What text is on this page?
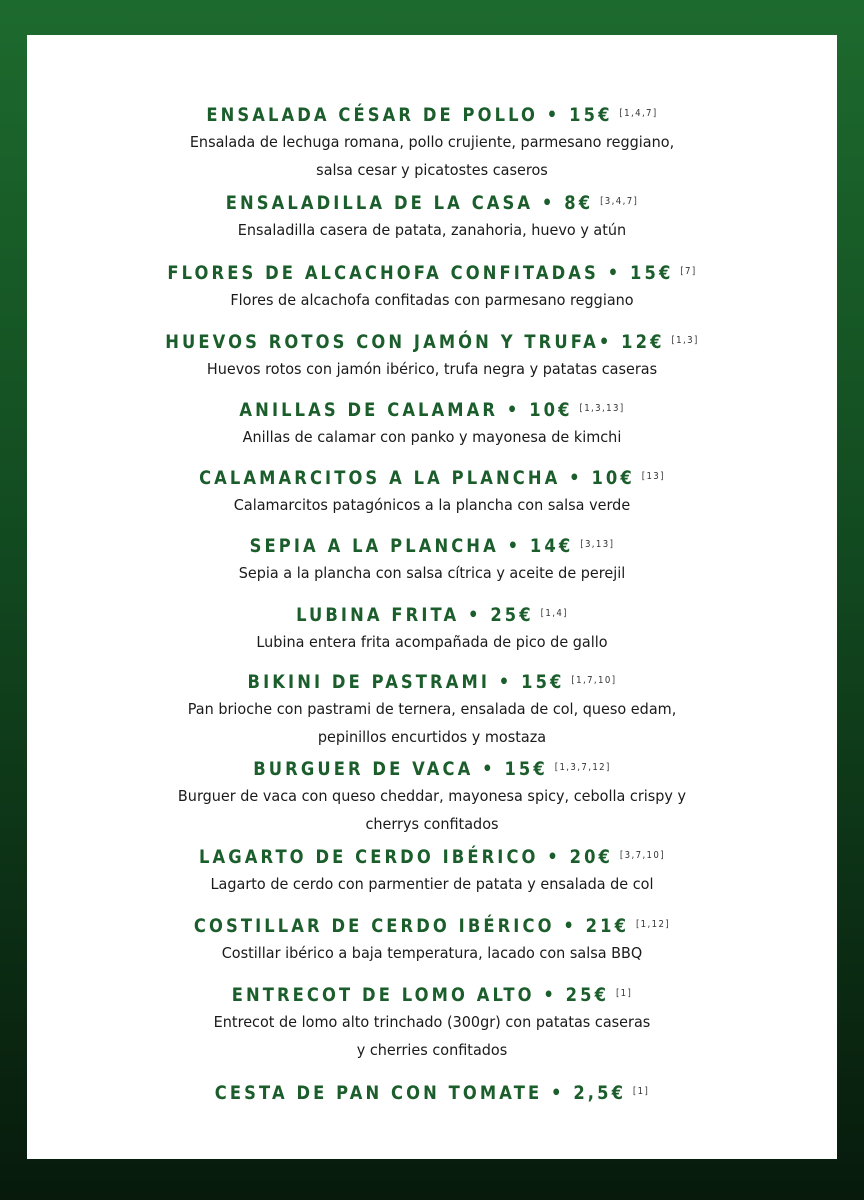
ENSALADA CÉSAR DE POLLO • 15€ [1,4,7]
Ensalada de lechuga romana, pollo crujiente, parmesano reggiano,
salsa cesar y picatostes caseros
ENSALADILLA DE LA CASA • 8€ [3,4,7]
Ensaladilla casera de patata, zanahoria, huevo y atún
FLORES DE ALCACHOFA CONFITADAS • 15€ [7]
Flores de alcachofa confitadas con parmesano reggiano
HUEVOS ROTOS CON JAMÓN Y TRUFA• 12€ [1,3]
Huevos rotos con jamón ibérico, trufa negra y patatas caseras
ANILLAS DE CALAMAR • 10€ [1,3,13]
Anillas de calamar con panko y mayonesa de kimchi
CALAMARCITOS A LA PLANCHA • 10€ [13]
Calamarcitos patagónicos a la plancha con salsa verde
SEPIA A LA PLANCHA • 14€ [3,13]
Sepia a la plancha con salsa cítrica y aceite de perejil
LUBINA FRITA • 25€ [1,4]
Lubina entera frita acompañada de pico de gallo
BIKINI DE PASTRAMI • 15€ [1,7,10]
Pan brioche con pastrami de ternera, ensalada de col, queso edam,
pepinillos encurtidos y mostaza
BURGUER DE VACA • 15€ [1,3,7,12]
Burguer de vaca con queso cheddar, mayonesa spicy, cebolla crispy y
cherrys confitados
LAGARTO DE CERDO IBÉRICO • 20€ [3,7,10]
Lagarto de cerdo con parmentier de patata y ensalada de col
COSTILLAR DE CERDO IBÉRICO • 21€ [1,12]
Costillar ibérico a baja temperatura, lacado con salsa BBQ
ENTRECOT DE LOMO ALTO • 25€ [1]
Entrecot de lomo alto trinchado (300gr) con patatas caseras
y cherries confitados
CESTA DE PAN CON TOMATE • 2,5€ [1]
